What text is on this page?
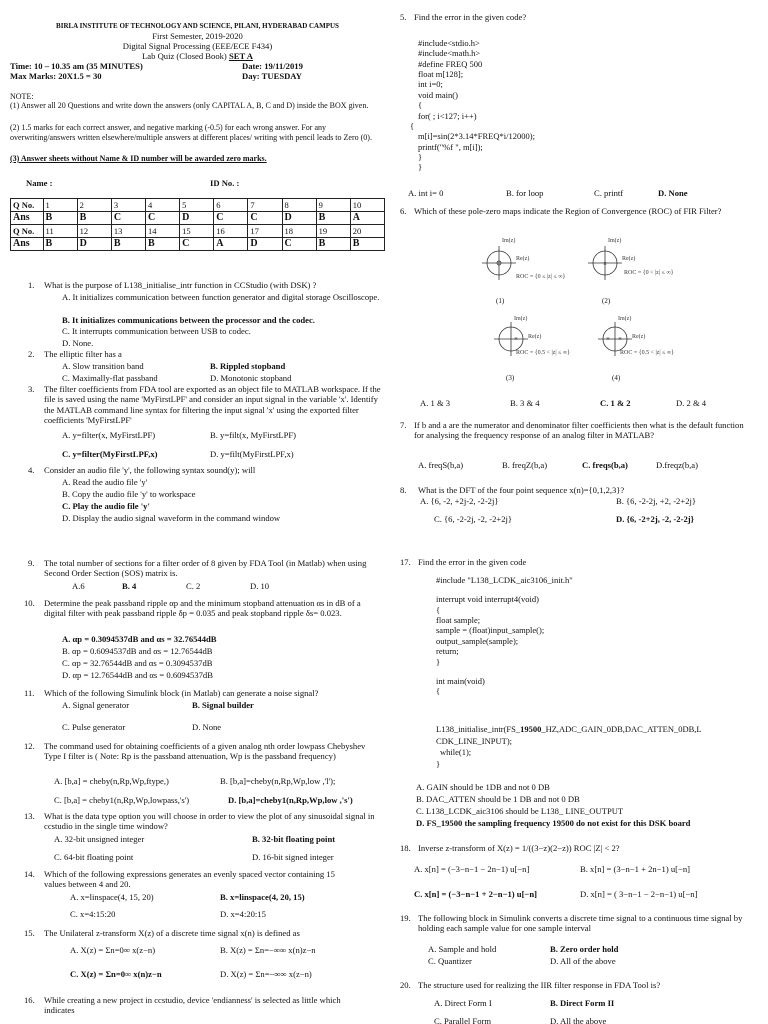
BIRLA INSTITUTE OF TECHNOLOGY AND SCIENCE, PILANI, HYDERABAD CAMPUS
First Semester, 2019-2020
Digital Signal Processing (EEE/ECE F434)
Lab Quiz (Closed Book) SET A
Time: 10 – 10.35 am (35 MINUTES)	Date: 19/11/2019
Max Marks: 20X1.5 = 30	Day: TUESDAY
NOTE:
(1) Answer all 20 Questions and write down the answers (only CAPITAL A, B, C and D) inside the BOX given.
(2) 1.5 marks for each correct answer, and negative marking (-0.5) for each wrong answer. For any overwriting/answers written elsewhere/multiple answers at different places/ writing with pencil leads to Zero (0).
(3) Answer sheets without Name & ID number will be awarded zero marks.
Name :	ID No. :
Q No.	1	2	3	4	5	6	7	8	9	10
Ans	B	B	C	C	D	C	C	D	B	A
Q No.	11	12	13	14	15	16	17	18	19	20
Ans	B	D	B	B	C	A	D	C	B	B
1. What is the purpose of L138_initialise_intr function in CCStudio (with DSK) ?
A. It initializes communication between function generator and digital storage Oscilloscope.
B. It initializes communications between the processor and the codec.
C. It interrupts communication between USB to codec.
D. None.
2. The elliptic filter has a
A. Slow transition band	B. Rippled stopband
C. Maximally-flat passband	D. Monotonic stopband
3. The filter coefficients from FDA tool are exported as an object file to MATLAB workspace. If the file is saved using the name 'MyFirstLPF' and consider an input signal in the variable 'x'. Identify the MATLAB command line syntax for filtering the input signal 'x' using the exported filter coefficients 'MyFirstLPF'
A. y=filter(x, MyFirstLPF)	B. y=filt(x, MyFirstLPF)
C. y=filter(MyFirstLPF,x)	D. y=filt(MyFirstLPF,x)
4. Consider an audio file 'y', the following syntax sound(y); will
A. Read the audio file 'y'
B. Copy the audio file 'y' to workspace
C. Play the audio file 'y'
D. Display the audio signal waveform in the command window
9. The total number of sections for a filter order of 8 given by FDA Tool (in Matlab) when using Second Order Section (SOS) matrix is.
A.6	B. 4	C. 2	D. 10
10. Determine the peak passband ripple αp and the minimum stopband attenuation αs in dB of a digital filter with peak passband ripple δp = 0.035 and peak stopband ripple δs= 0.023.
A. αp = 0.3094537dB and αs = 32.76544dB
B. αp = 0.6094537dB and αs = 12.76544dB
C. αp = 32.76544dB and αs = 0.3094537dB
D. αp = 12.76544dB and αs = 0.6094537dB
11. Which of the following Simulink block (in Matlab) can generate a noise signal?
A. Signal generator	B. Signal builder
C. Pulse generator	D. None
12. The command used for obtaining coefficients of a given analog nth order lowpass Chebyshev Type I filter is ( Note: Rp is the passband attenuation, Wp is the passband frequency)
A. [b,a] = cheby(n,Rp,Wp,ftype,)	B. [b,a]=cheby(n,Rp,Wp,low ,'l');
C. [b,a] = cheby1(n,Rp,Wp,lowpass,'s')	D. [b,a]=cheby1(n,Rp,Wp,low ,'s')
13. What is the data type option you will choose in order to view the plot of any sinusoidal signal in ccstudio in the single time window?
A. 32-bit unsigned integer	B. 32-bit floating point
C. 64-bit floating point	D. 16-bit signed integer
14. Which of the following expressions generates an evenly spaced vector containing 15 values between 4 and 20.
A. x=linspace(4, 15, 20)	B. x=linspace(4, 20, 15)
C. x=4:15:20	D. x=4:20:15
15. The Unilateral z-transform X(z) of a discrete time signal x(n) is defined as
A. X(z) = Σn=0∞ x(z−n)	B. X(z) = Σn=−∞∞ x(n)z−n
C. X(z) = Σn=0∞ x(n)z−n	D. X(z) = Σn=−∞∞ x(z−n)
16. While creating a new project in ccstudio, device 'endianness' is selected as little which indicates
5. Find the error in the given code?
#include<stdio.h>
#include<math.h>
#define FREQ 500
float m[128];
int i=0;
void main()
{
for( ; i<127; i++)
{
m[i]=sin(2*3.14*FREQ*i/12000);
printf("%f ", m[i]);
}
}
A. int i= 0	B. for loop	C. printf	D. None
6. Which of these pole-zero maps indicate the Region of Convergence (ROC) of FIR Filter?
Im(z)
Re(z)
ROC = {0 ≤ |z| ≤ ∞}
(1)
×
Im(z)
Re(z)
ROC = {0 < |z| ≤ ∞}
(2)
×
Im(z)
Re(z)
ROC = {0.5 < |z| ≤ ∞}
(3)
× ×
Im(z)
Re(z)
ROC = {0.5 < |z| ≤ ∞}
(4)
A. 1 & 3	B. 3 & 4	C. 1 & 2	D. 2 & 4
7. If b and a are the numerator and denominator filter coefficients then what is the default function for analysing the frequency response of an analog filter in MATLAB?
A. freqS(b,a)	B. freqZ(b,a)	C. freqs(b,a)	D.freqz(b,a)
8. What is the DFT of the four point sequence x(n)={0,1,2,3}?
A. {6, -2, +2j-2, -2-2j}	B. {6, -2-2j, +2, -2+2j}
C. {6, -2-2j, -2, -2+2j}	D. {6, -2+2j, -2, -2-2j}
17. Find the error in the given code
#include "L138_LCDK_aic3106_init.h"
interrupt void interrupt4(void)
{
float sample;
sample = (float)input_sample();
output_sample(sample);
return;
}
int main(void)
{
L138_initialise_intr(FS_19500_HZ,ADC_GAIN_0DB,DAC_ATTEN_0DB,L
CDK_LINE_INPUT);
while(1);
}
A. GAIN should be 1DB and not 0 DB
B. DAC_ATTEN should be 1 DB and not 0 DB
C. L138_LCDK_aic3106 should be L138_ LINE_OUTPUT
D. FS_19500 the sampling frequency 19500 do not exist for this DSK board
18. Inverse z-transform of X(z) = 1/((3−z)(2−z)) ROC |Z| < 2?
A. x[n] = (−3−n−1 − 2n−1) u[−n]	B. x[n] = (3−n−1 + 2n−1) u[−n]
C. x[n] = (−3−n−1 + 2−n−1) u[−n]	D. x[n] = ( 3−n−1 − 2−n−1) u[−n]
19. The following block in Simulink converts a discrete time signal to a continuous time signal by holding each sample value for one sample interval
A. Sample and hold	B. Zero order hold
C. Quantizer	D. All of the above
20. The structure used for realizing the IIR filter response in FDA Tool is?
A. Direct Form I	B. Direct Form II
C. Parallel Form	D. All the above
